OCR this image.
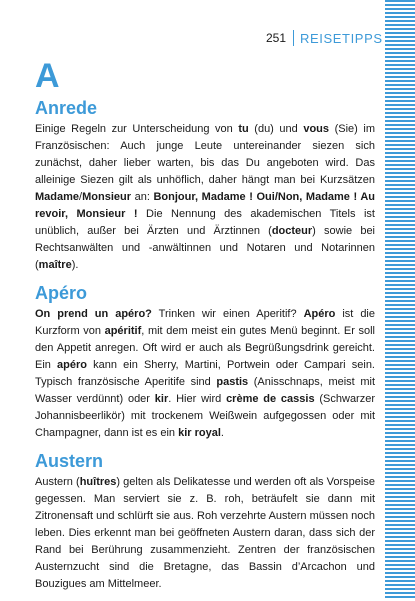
251 REISETIPPS
A
Anrede
Einige Regeln zur Unterscheidung von tu (du) und vous (Sie) im Französischen: Auch junge Leute untereinander siezen sich zunächst, daher lieber warten, bis das Du angeboten wird. Das alleinige Siezen gilt als unhöflich, daher hängt man bei Kurzsätzen Madame/Monsieur an: Bonjour, Madame ! Oui/Non, Madame ! Au revoir, Monsieur ! Die Nennung des akademischen Titels ist unüblich, außer bei Ärzten und Ärztinnen (docteur) sowie bei Rechtsanwälten und -anwältinnen und Notaren und Notarinnen (maître).
Apéro
On prend un apéro? Trinken wir einen Aperitif? Apéro ist die Kurzform von apéritif, mit dem meist ein gutes Menü beginnt. Er soll den Appetit anregen. Oft wird er auch als Begrüßungsdrink gereicht. Ein apéro kann ein Sherry, Martini, Portwein oder Campari sein. Typisch französische Aperitife sind pastis (Anisschnaps, meist mit Wasser verdünnt) oder kir. Hier wird crème de cassis (Schwarzer Johannisbeerlikör) mit trockenem Weißwein aufgegossen oder mit Champagner, dann ist es ein kir royal.
Austern
Austern (huîtres) gelten als Delikatesse und werden oft als Vorspeise gegessen. Man serviert sie z. B. roh, beträufelt sie dann mit Zitronensaft und schlürft sie aus. Roh verzehrte Austern müssen noch leben. Dies erkennt man bei geöffneten Austern daran, dass sich der Rand bei Berührung zusammenzieht. Zentren der französischen Austernzucht sind die Bretagne, das Bassin d’Arcachon und Bouzigues am Mittelmeer.
